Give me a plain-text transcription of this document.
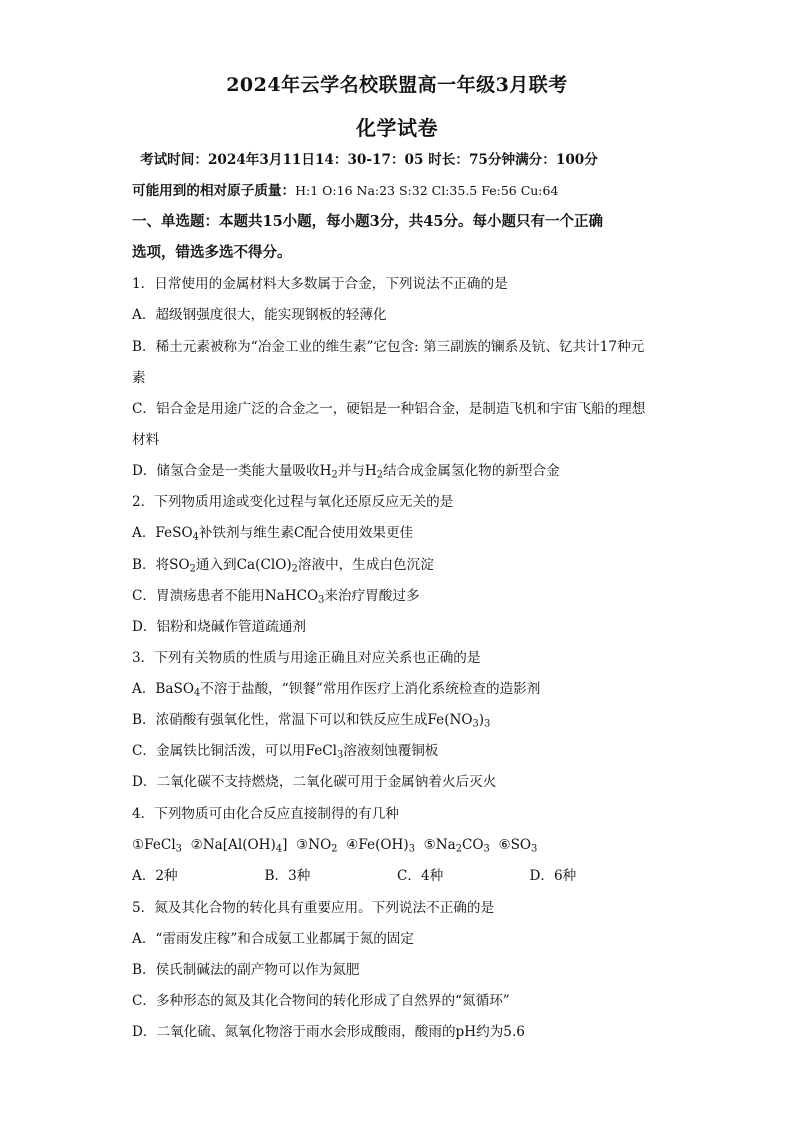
2024年云学名校联盟高一年级3月联考
化学试卷
考试时间：2024年3月11日14：30-17：05 时长：75分钟满分：100分
可能用到的相对原子质量：H:1 O:16 Na:23 S:32 Cl:35.5 Fe:56 Cu:64
一、单选题：本题共15小题，每小题3分，共45分。每小题只有一个正确
选项，错选多选不得分。
1．日常使用的金属材料大多数属于合金，下列说法不正确的是
A．超级钢强度很大，能实现钢板的轻薄化
B．稀土元素被称为“冶金工业的维生素”它包含: 第三副族的镧系及钪、钇共计17种元
素
C．铝合金是用途广泛的合金之一，硬铝是一种铝合金，是制造飞机和宇宙飞船的理想
材料
D．储氢合金是一类能大量吸收$H_2$并与$H_2$结合成金属氢化物的新型合金
2．下列物质用途或变化过程与氧化还原反应无关的是
A．FeSO$_4$补铁剂与维生素C配合使用效果更佳
B．将$SO_2$通入到$Ca(ClO)_2$溶液中，生成白色沉淀
C．胃溃疡患者不能用NaHCO$_3$来治疗胃酸过多
D．铝粉和烧碱作管道疏通剂
3．下列有关物质的性质与用途正确且对应关系也正确的是
A．BaSO$_4$不溶于盐酸，“钡餐”常用作医疗上消化系统检查的造影剂
B．浓硝酸有强氧化性，常温下可以和铁反应生成$Fe(NO_3)_3$
C．金属铁比铜活泼，可以用FeCl$_3$溶液刻蚀覆铜板
D．二氧化碳不支持燃烧，二氧化碳可用于金属钠着火后灭火
4．下列物质可由化合反应直接制得的有几种
①FeCl$_3$ $②Na[Al(OH)_4]$ $③NO_2$ $④Fe(OH)_3$ $⑤Na_2CO_3$ $⑥SO_3$
A．2种	B．3种	C．4种	D．6种
5．氮及其化合物的转化具有重要应用。下列说法不正确的是
A．“雷雨发庄稼”和合成氨工业都属于氮的固定
B．侯氏制碱法的副产物可以作为氮肥
C．多种形态的氮及其化合物间的转化形成了自然界的“氮循环”
D．二氧化硫、氮氧化物溶于雨水会形成酸雨，酸雨的pH约为5.6
